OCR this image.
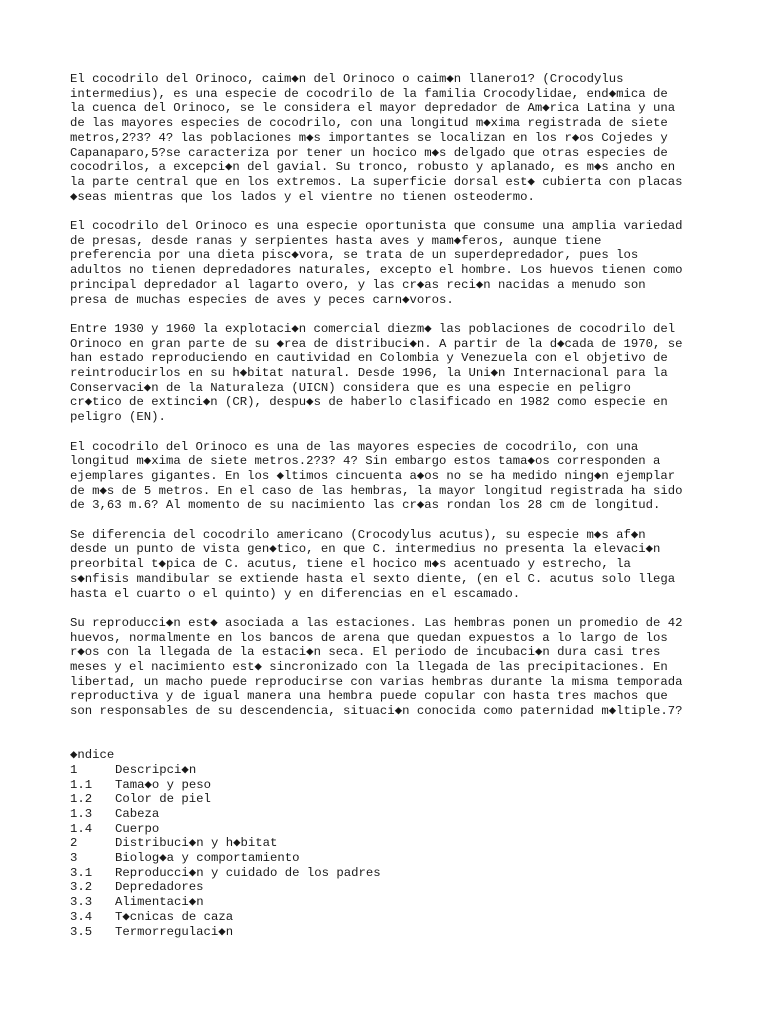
El cocodrilo del Orinoco, caim◆n del Orinoco o caim◆n llanero1? (Crocodylus
intermedius), es una especie de cocodrilo de la familia Crocodylidae, end◆mica de
la cuenca del Orinoco, se le considera el mayor depredador de Am◆rica Latina y una
de las mayores especies de cocodrilo, con una longitud m◆xima registrada de siete
metros,2?3? 4? las poblaciones m◆s importantes se localizan en los r◆os Cojedes y
Capanaparo,5?se caracteriza por tener un hocico m◆s delgado que otras especies de
cocodrilos, a excepci◆n del gavial. Su tronco, robusto y aplanado, es m◆s ancho en
la parte central que en los extremos. La superficie dorsal est◆ cubierta con placas
◆seas mientras que los lados y el vientre no tienen osteodermo.

El cocodrilo del Orinoco es una especie oportunista que consume una amplia variedad
de presas, desde ranas y serpientes hasta aves y mam◆feros, aunque tiene
preferencia por una dieta pisc◆vora, se trata de un superdepredador, pues los
adultos no tienen depredadores naturales, excepto el hombre. Los huevos tienen como
principal depredador al lagarto overo, y las cr◆as reci◆n nacidas a menudo son
presa de muchas especies de aves y peces carn◆voros.

Entre 1930 y 1960 la explotaci◆n comercial diezm◆ las poblaciones de cocodrilo del
Orinoco en gran parte de su ◆rea de distribuci◆n. A partir de la d◆cada de 1970, se
han estado reproduciendo en cautividad en Colombia y Venezuela con el objetivo de
reintroducirlos en su h◆bitat natural. Desde 1996, la Uni◆n Internacional para la
Conservaci◆n de la Naturaleza (UICN) considera que es una especie en peligro
cr◆tico de extinci◆n (CR), despu◆s de haberlo clasificado en 1982 como especie en
peligro (EN).

El cocodrilo del Orinoco es una de las mayores especies de cocodrilo, con una
longitud m◆xima de siete metros.2?3? 4? Sin embargo estos tama◆os corresponden a
ejemplares gigantes. En los ◆ltimos cincuenta a◆os no se ha medido ning◆n ejemplar
de m◆s de 5 metros. En el caso de las hembras, la mayor longitud registrada ha sido
de 3,63 m.6? Al momento de su nacimiento las cr◆as rondan los 28 cm de longitud.

Se diferencia del cocodrilo americano (Crocodylus acutus), su especie m◆s af◆n
desde un punto de vista gen◆tico, en que C. intermedius no presenta la elevaci◆n
preorbital t◆pica de C. acutus, tiene el hocico m◆s acentuado y estrecho, la
s◆nfisis mandibular se extiende hasta el sexto diente, (en el C. acutus solo llega
hasta el cuarto o el quinto) y en diferencias en el escamado.

Su reproducci◆n est◆ asociada a las estaciones. Las hembras ponen un promedio de 42
huevos, normalmente en los bancos de arena que quedan expuestos a lo largo de los
r◆os con la llegada de la estaci◆n seca. El periodo de incubaci◆n dura casi tres
meses y el nacimiento est◆ sincronizado con la llegada de las precipitaciones. En
libertad, un macho puede reproducirse con varias hembras durante la misma temporada
reproductiva y de igual manera una hembra puede copular con hasta tres machos que
son responsables de su descendencia, situaci◆n conocida como paternidad m◆ltiple.7?

◆ndice

1	Descripci◆n
1.1	Tama◆o y peso
1.2	Color de piel
1.3	Cabeza
1.4	Cuerpo
2	Distribuci◆n y h◆bitat
3	Biolog◆a y comportamiento
3.1	Reproducci◆n y cuidado de los padres
3.2	Depredadores
3.3	Alimentaci◆n
3.4	T◆cnicas de caza
3.5	Termorregulaci◆n
